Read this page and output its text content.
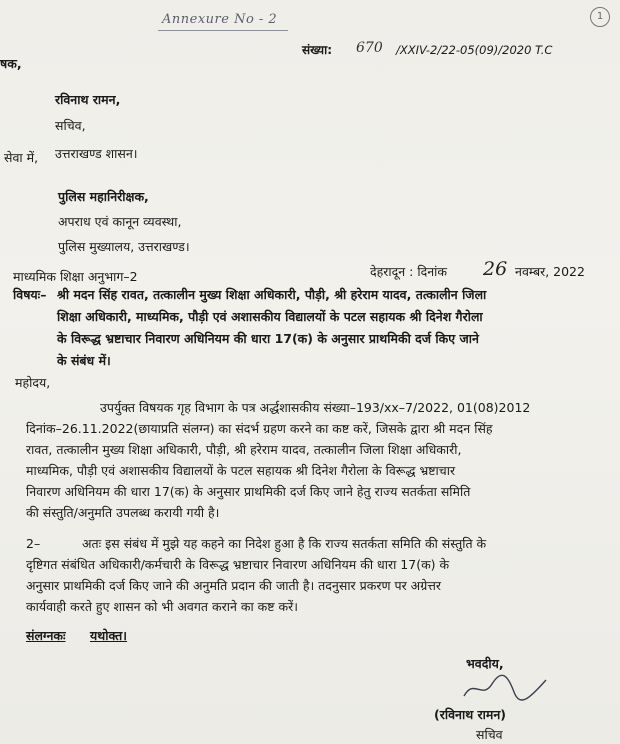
Annexure No - 2	1
संख्या: 670 /XXIV-2/22-05(09)/2020 T.C
षक,
रविनाथ रामन,
सचिव,
उत्तराखण्ड शासन।
सेवा में,
पुलिस महानिरीक्षक,
अपराध एवं कानून व्यवस्था,
पुलिस मुख्यालय, उत्तराखण्ड।
माध्यमिक शिक्षा अनुभाग–2	देहरादून : दिनांक 26 नवम्बर, 2022
विषयः– श्री मदन सिंह रावत, तत्कालीन मुख्य शिक्षा अधिकारी, पौड़ी, श्री हरेराम यादव, तत्कालीन जिला
शिक्षा अधिकारी, माध्यमिक, पौड़ी एवं अशासकीय विद्यालयों के पटल सहायक श्री दिनेश गैरोला
के विरूद्ध भ्रष्टाचार निवारण अधिनियम की धारा 17(क) के अनुसार प्राथमिकी दर्ज किए जाने
के संबंध में।
महोदय,
उपर्युक्त विषयक गृह विभाग के पत्र अर्द्धशासकीय संख्या–193/xx–7/2022, 01(08)2012
दिनांक–26.11.2022(छायाप्रति संलग्न) का संदर्भ ग्रहण करने का कष्ट करें, जिसके द्वारा श्री मदन सिंह
रावत, तत्कालीन मुख्य शिक्षा अधिकारी, पौड़ी, श्री हरेराम यादव, तत्कालीन जिला शिक्षा अधिकारी,
माध्यमिक, पौड़ी एवं अशासकीय विद्यालयों के पटल सहायक श्री दिनेश गैरोला के विरूद्ध भ्रष्टाचार
निवारण अधिनियम की धारा 17(क) के अनुसार प्राथमिकी दर्ज किए जाने हेतु राज्य सतर्कता समिति
की संस्तुति/अनुमति उपलब्ध करायी गयी है।
2–	अतः इस संबंध में मुझे यह कहने का निदेश हुआ है कि राज्य सतर्कता समिति की संस्तुति के
दृष्टिगत संबंधित अधिकारी/कर्मचारी के विरूद्ध भ्रष्टाचार निवारण अधिनियम की धारा 17(क) के
अनुसार प्राथमिकी दर्ज किए जाने की अनुमति प्रदान की जाती है। तदनुसार प्रकरण पर अग्रेत्तर
कार्यवाही करते हुए शासन को भी अवगत कराने का कष्ट करें।
संलग्नकः यथोक्त।
भवदीय,
(रविनाथ रामन)
सचिव
